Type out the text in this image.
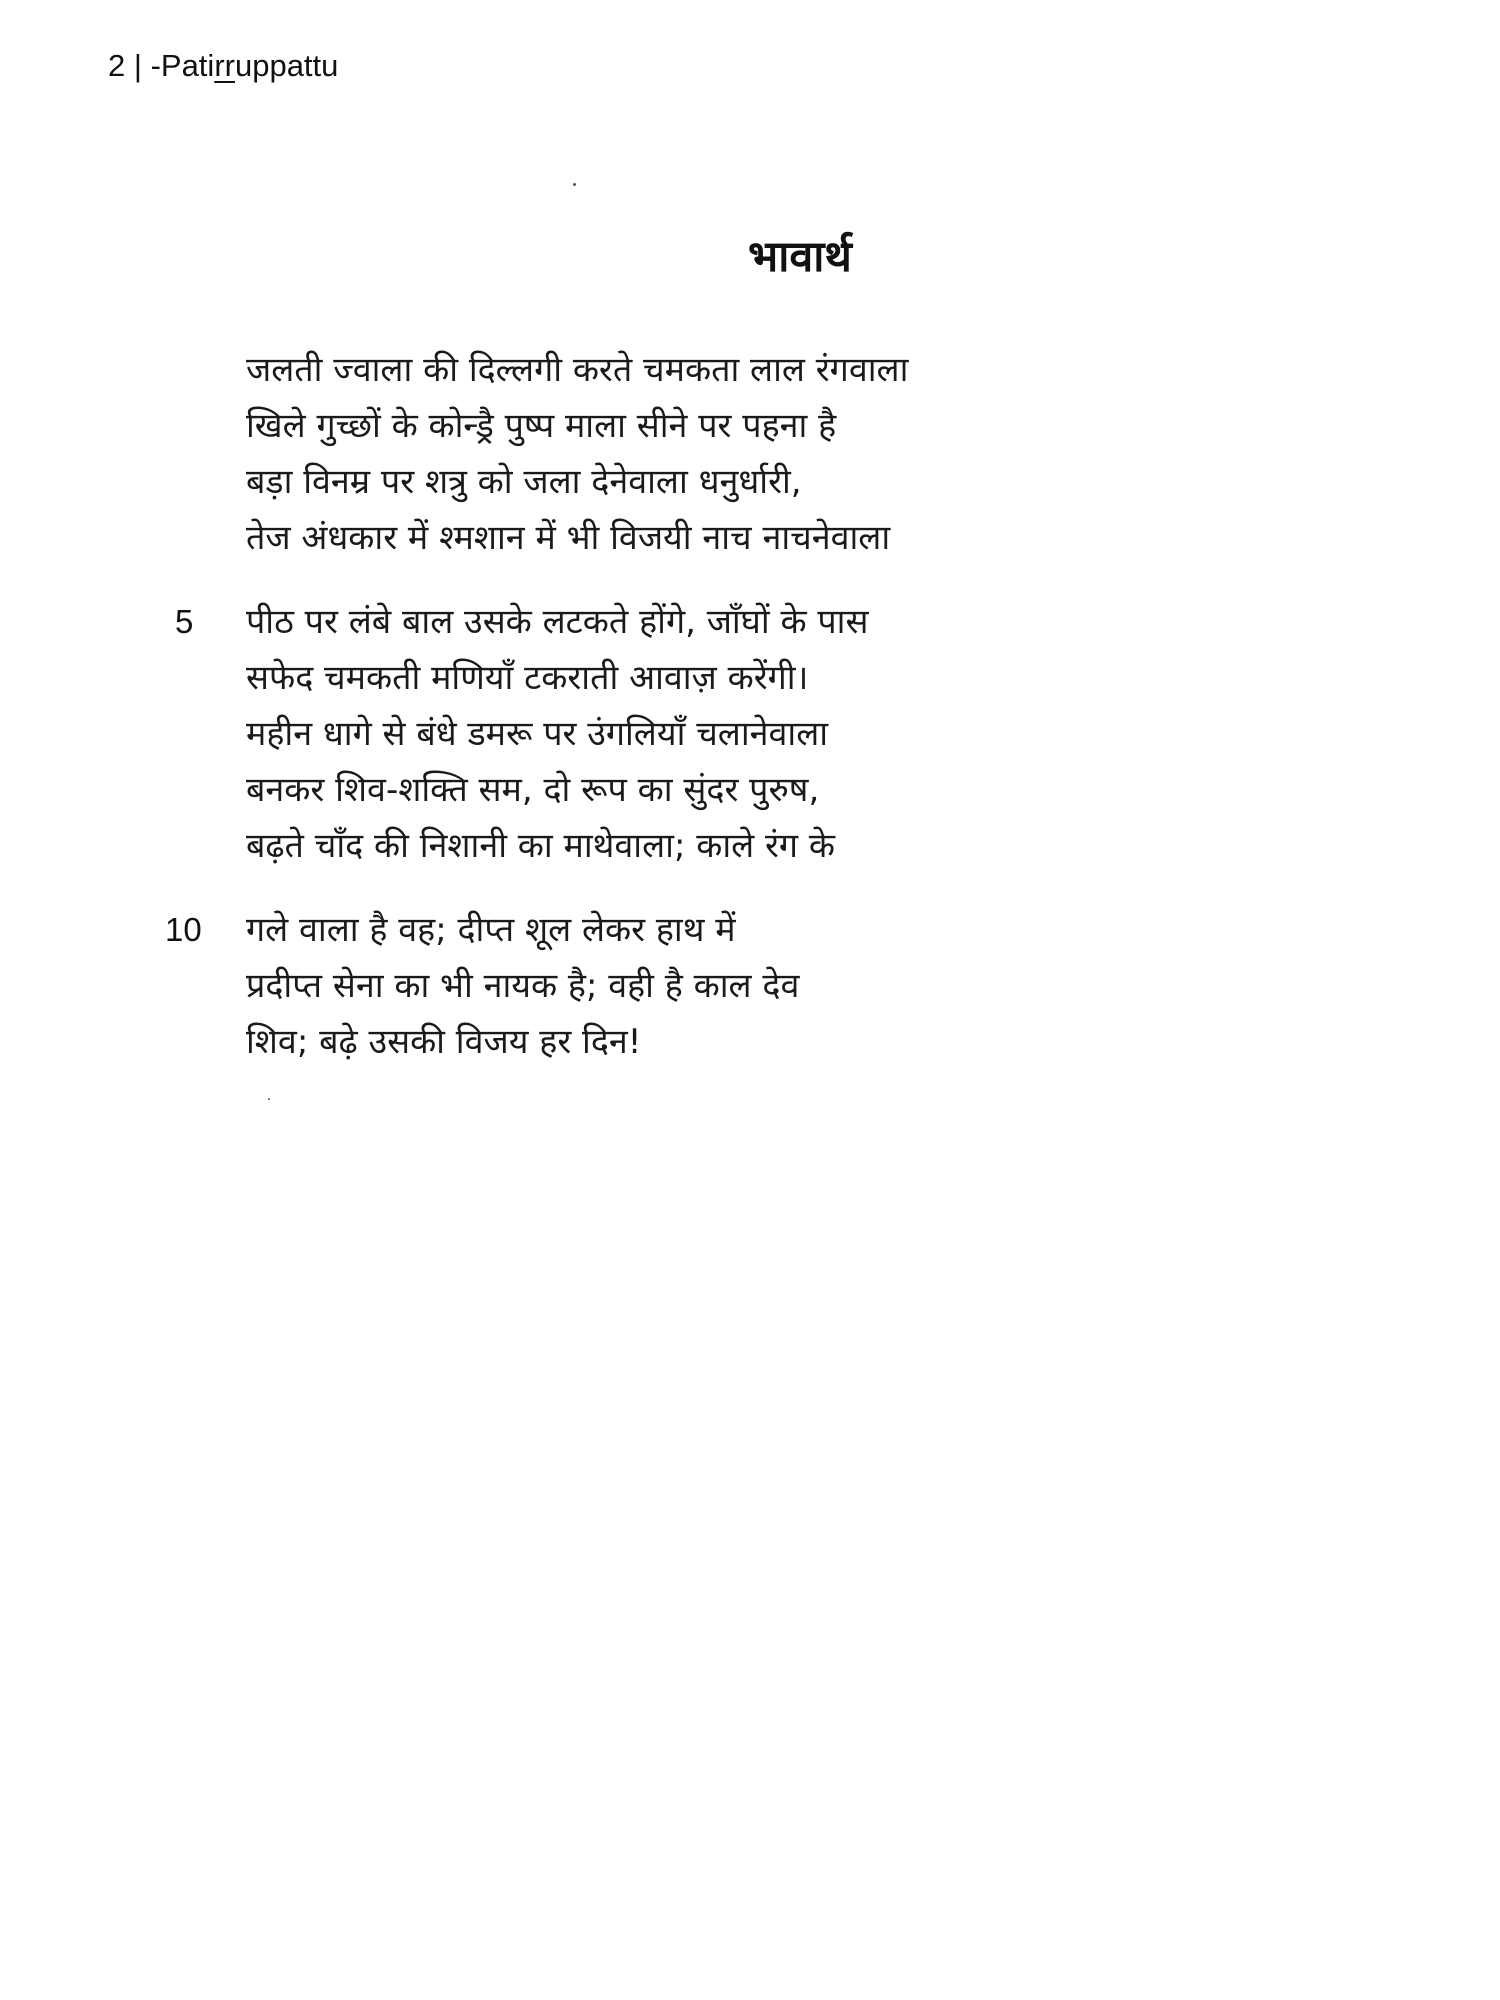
2 | -Patirruppattu
भावार्थ
जलती ज्वाला की दिल्लगी करते चमकता लाल रंगवाला
खिले गुच्छों के कोन्ड्रै पुष्प माला सीने पर पहना है
बड़ा विनम्र पर शत्रु को जला देनेवाला धनुर्धारी,
तेज अंधकार में श्मशान में भी विजयी नाच नाचनेवाला
5 पीठ पर लंबे बाल उसके लटकते होंगे, जाँघों के पास
सफेद चमकती मणियाँ टकराती आवाज़ करेंगी।
महीन धागे से बंधे डमरू पर उंगलियाँ चलानेवाला
बनकर शिव-शक्ति सम, दो रूप का सुंदर पुरुष,
बढ़ते चाँद की निशानी का माथेवाला; काले रंग के
10 गले वाला है वह; दीप्त शूल लेकर हाथ में
प्रदीप्त सेना का भी नायक है; वही है काल देव
शिव; बढ़े उसकी विजय हर दिन!
